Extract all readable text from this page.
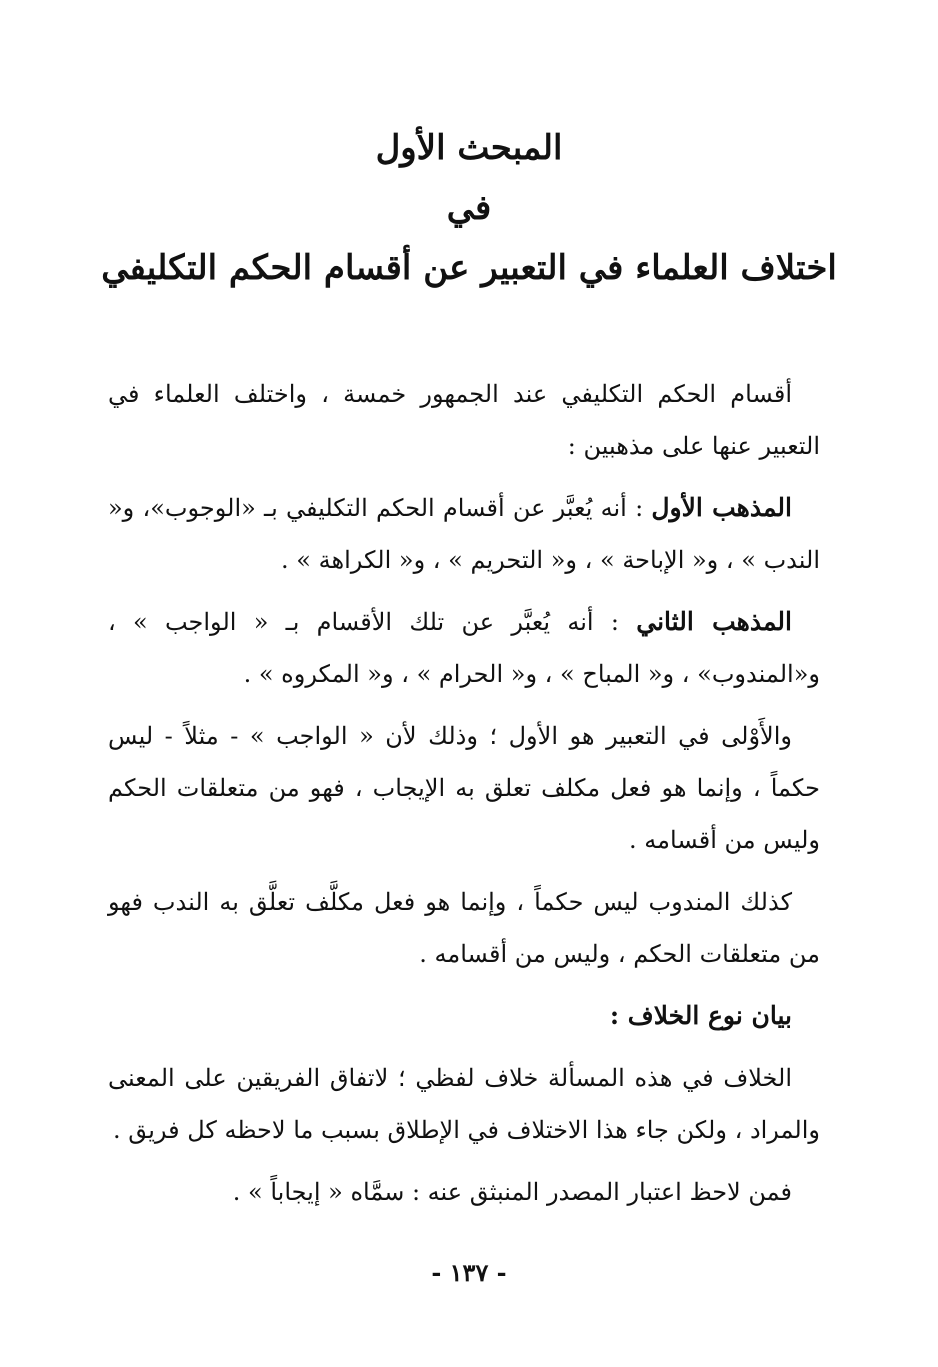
المبحث الأول

في

اختلاف العلماء في التعبير عن أقسام الحكم التكليفي

أقسام الحكم التكليفي عند الجمهور خمسة ، واختلف العلماء في التعبير عنها على مذهبين :

المذهب الأول : أنه يُعبَّر عن أقسام الحكم التكليفي بـ «الوجوب»، و« الندب » ، و« الإباحة » ، و« التحريم » ، و« الكراهة » .

المذهب الثاني : أنه يُعبَّر عن تلك الأقسام بـ « الواجب » ، و«المندوب» ، و« المباح » ، و« الحرام » ، و« المكروه » .

والأَوْلى في التعبير هو الأول ؛ وذلك لأن « الواجب » - مثلاً - ليس حكماً ، وإنما هو فعل مكلف تعلق به الإيجاب ، فهو من متعلقات الحكم وليس من أقسامه .

كذلك المندوب ليس حكماً ، وإنما هو فعل مكلَّف تعلَّق به الندب فهو من متعلقات الحكم ، وليس من أقسامه .

بيان نوع الخلاف :

الخلاف في هذه المسألة خلاف لفظي ؛ لاتفاق الفريقين على المعنى والمراد ، ولكن جاء هذا الاختلاف في الإطلاق بسبب ما لاحظه كل فريق .

فمن لاحظ اعتبار المصدر المنبثق عنه : سمَّاه « إيجاباً » .

- ١٣٧ -
